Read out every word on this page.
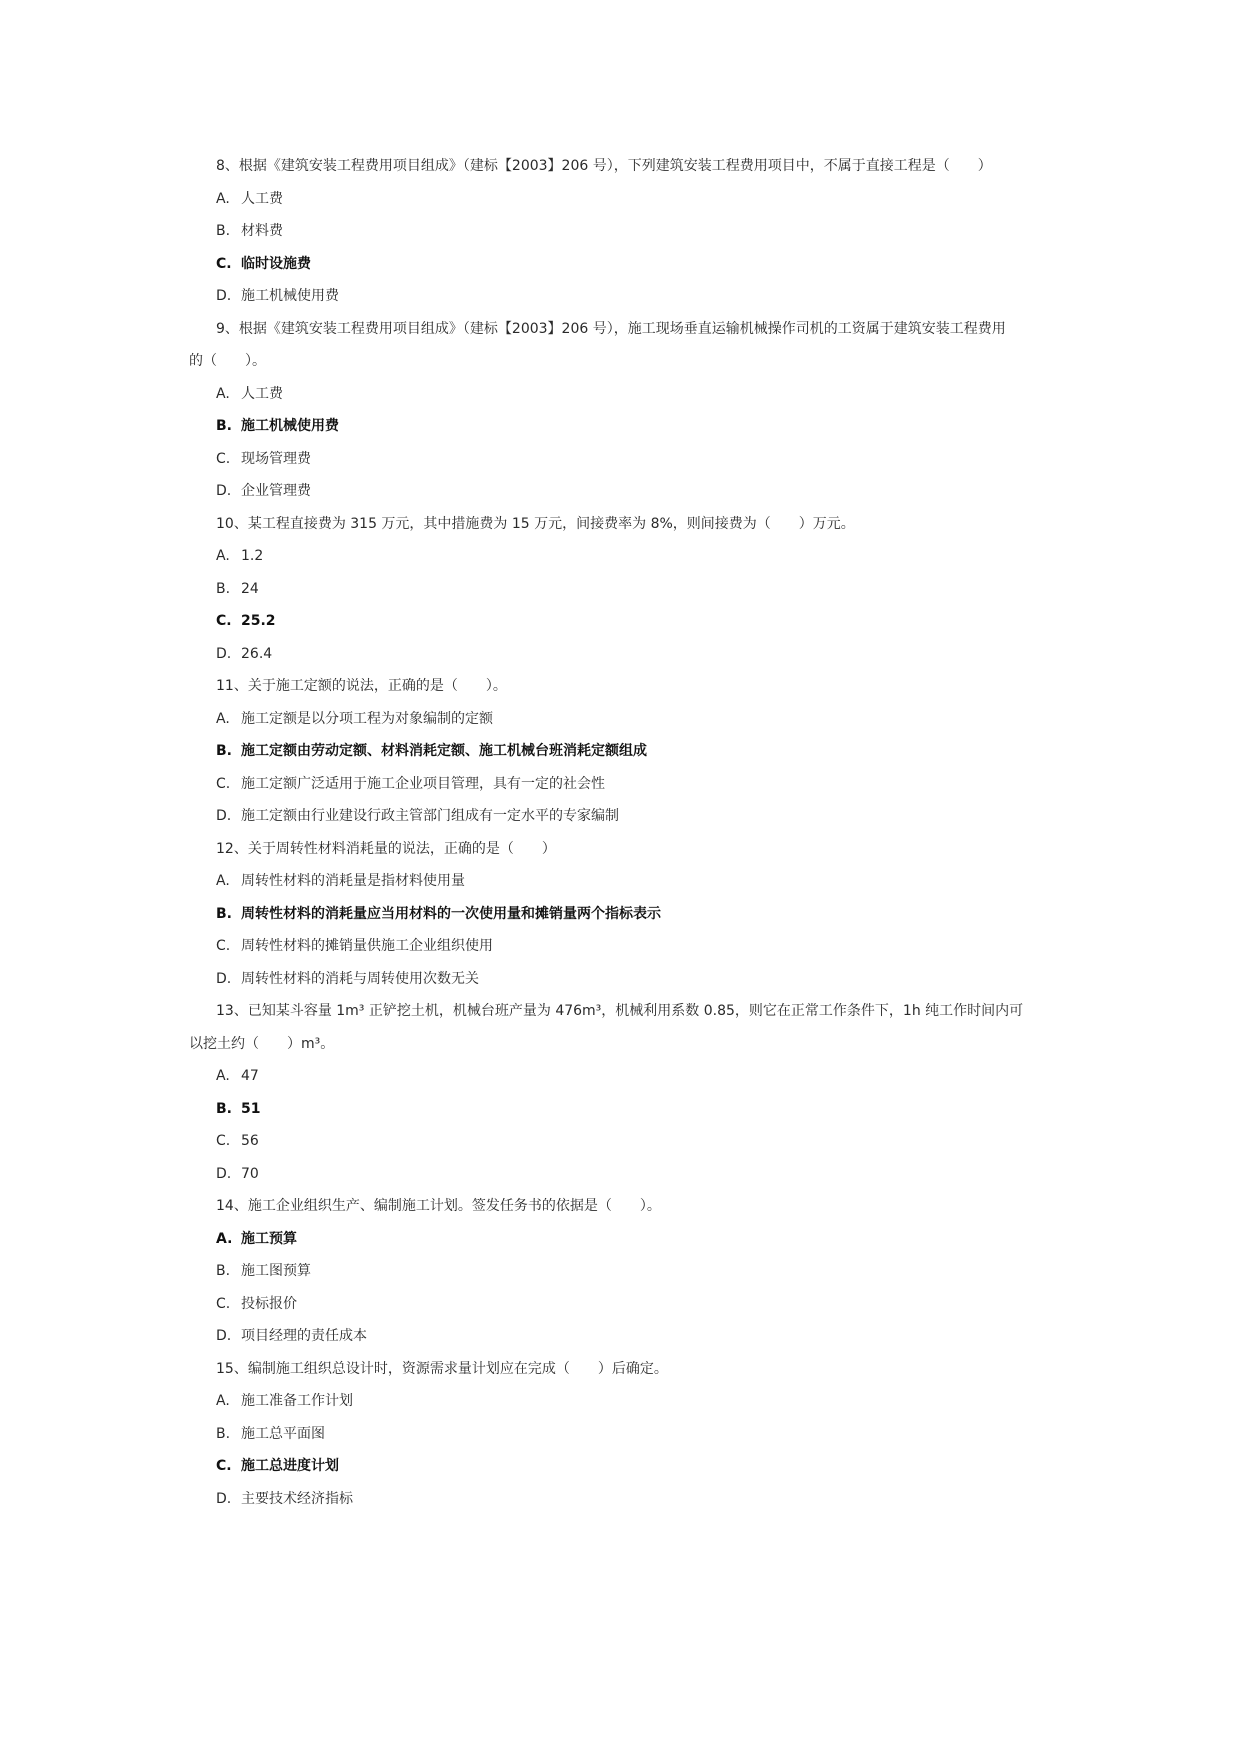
8、根据《建筑安装工程费用项目组成》（建标【2003】206 号），下列建筑安装工程费用项目中，不属于直接工程是（　　）
A. 人工费
B. 材料费
C. 临时设施费
D. 施工机械使用费
9、根据《建筑安装工程费用项目组成》（建标【2003】206 号），施工现场垂直运输机械操作司机的工资属于建筑安装工程费用
的（　　）。
A. 人工费
B. 施工机械使用费
C. 现场管理费
D. 企业管理费
10、某工程直接费为 315 万元，其中措施费为 15 万元，间接费率为 8%，则间接费为（　　）万元。
A. 1.2
B. 24
C. 25.2
D. 26.4
11、关于施工定额的说法，正确的是（　　）。
A. 施工定额是以分项工程为对象编制的定额
B. 施工定额由劳动定额、材料消耗定额、施工机械台班消耗定额组成
C. 施工定额广泛适用于施工企业项目管理，具有一定的社会性
D. 施工定额由行业建设行政主管部门组成有一定水平的专家编制
12、关于周转性材料消耗量的说法，正确的是（　　）
A. 周转性材料的消耗量是指材料使用量
B. 周转性材料的消耗量应当用材料的一次使用量和摊销量两个指标表示
C. 周转性材料的摊销量供施工企业组织使用
D. 周转性材料的消耗与周转使用次数无关
13、已知某斗容量 1m³ 正铲挖土机，机械台班产量为 476m³，机械利用系数 0.85，则它在正常工作条件下，1h 纯工作时间内可
以挖土约（　　）m³。
A. 47
B. 51
C. 56
D. 70
14、施工企业组织生产、编制施工计划。签发任务书的依据是（　　）。
A. 施工预算
B. 施工图预算
C. 投标报价
D. 项目经理的责任成本
15、编制施工组织总设计时，资源需求量计划应在完成（　　）后确定。
A. 施工准备工作计划
B. 施工总平面图
C. 施工总进度计划
D. 主要技术经济指标
